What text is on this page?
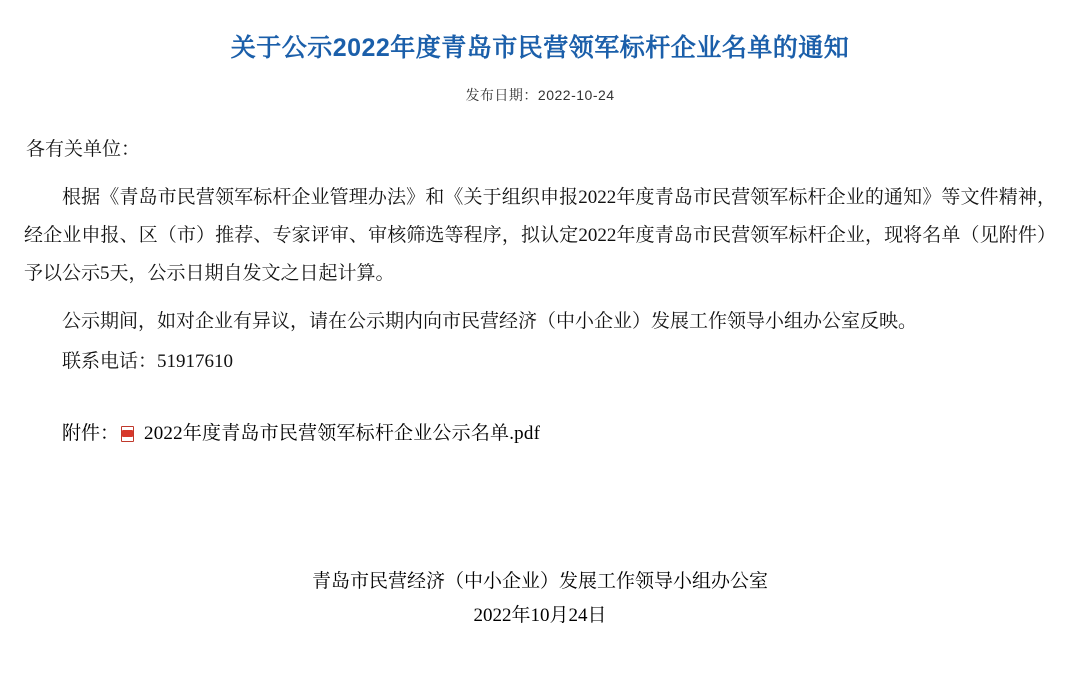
关于公示2022年度青岛市民营领军标杆企业名单的通知
发布日期：2022-10-24

各有关单位：

根据《青岛市民营领军标杆企业管理办法》和《关于组织申报2022年度青岛市民营领军标杆企业的通知》等文件精神，经企业申报、区（市）推荐、专家评审、审核筛选等程序，拟认定2022年度青岛市民营领军标杆企业，现将名单（见附件）予以公示5天，公示日期自发文之日起计算。

公示期间，如对企业有异议，请在公示期内向市民营经济（中小企业）发展工作领导小组办公室反映。

联系电话：51917610

附件： 2022年度青岛市民营领军标杆企业公示名单.pdf
青岛市民营经济（中小企业）发展工作领导小组办公室
2022年10月24日
